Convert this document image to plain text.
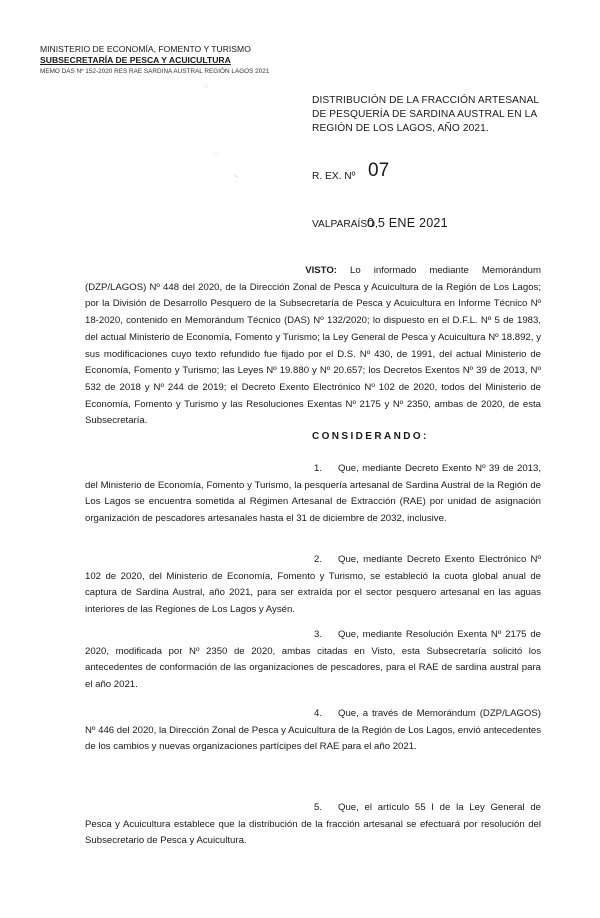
MINISTERIO DE ECONOMÍA, FOMENTO Y TURISMO
SUBSECRETARÍA DE PESCA Y ACUICULTURA
MEMO DAS Nº 152-2020 RES RAE SARDINA AUSTRAL REGIÓN LAGOS 2021
·:
·
·.
DISTRIBUCIÓN DE LA FRACCIÓN ARTESANAL DE PESQUERÍA DE SARDINA AUSTRAL EN LA REGIÓN DE LOS LAGOS, AÑO 2021.
R. EX. Nº 07
VALPARAÍSO,
0 5 ENE 2021
VISTO: Lo informado mediante Memorándum (DZP/LAGOS) Nº 448 del 2020, de la Dirección Zonal de Pesca y Acuicultura de la Región de Los Lagos; por la División de Desarrollo Pesquero de la Subsecretaría de Pesca y Acuicultura en Informe Técnico Nº 18-2020, contenido en Memorándum Técnico (DAS) Nº 132/2020; lo dispuesto en el D.F.L. Nº 5 de 1983, del actual Ministerio de Economía, Fomento y Turismo; la Ley General de Pesca y Acuicultura Nº 18.892, y sus modificaciones cuyo texto refundido fue fijado por el D.S. Nº 430, de 1991, del actual Ministerio de Economía, Fomento y Turismo; las Leyes Nº 19.880 y Nº 20.657; los Decretos Exentos Nº 39 de 2013, Nº 532 de 2018 y Nº 244 de 2019; el Decreto Exento Electrónico Nº 102 de 2020, todos del Ministerio de Economía, Fomento y Turismo y las Resoluciones Exentas Nº 2175 y Nº 2350, ambas de 2020, de esta Subsecretaría.
CONSIDERANDO:
1. Que, mediante Decreto Exento Nº 39 de 2013, del Ministerio de Economía, Fomento y Turismo, la pesquería artesanal de Sardina Austral de la Región de Los Lagos se encuentra sometida al Régimen Artesanal de Extracción (RAE) por unidad de asignación organización de pescadores artesanales hasta el 31 de diciembre de 2032, inclusive.
2. Que, mediante Decreto Exento Electrónico Nº 102 de 2020, del Ministerio de Economía, Fomento y Turismo, se estableció la cuota global anual de captura de Sardina Austral, año 2021, para ser extraída por el sector pesquero artesanal en las aguas interiores de las Regiones de Los Lagos y Aysén.
3. Que, mediante Resolución Exenta Nº 2175 de 2020, modificada por Nº 2350 de 2020, ambas citadas en Visto, esta Subsecretaría solicitó los antecedentes de conformación de las organizaciones de pescadores, para el RAE de sardina austral para el año 2021.
4. Que, a través de Memorándum (DZP/LAGOS) Nº 446 del 2020, la Dirección Zonal de Pesca y Acuicultura de la Región de Los Lagos, envió antecedentes de los cambios y nuevas organizaciones partícipes del RAE para el año 2021.
5. Que, el artículo 55 I de la Ley General de Pesca y Acuicultura establece que la distribución de la fracción artesanal se efectuará por resolución del Subsecretario de Pesca y Acuicultura.
